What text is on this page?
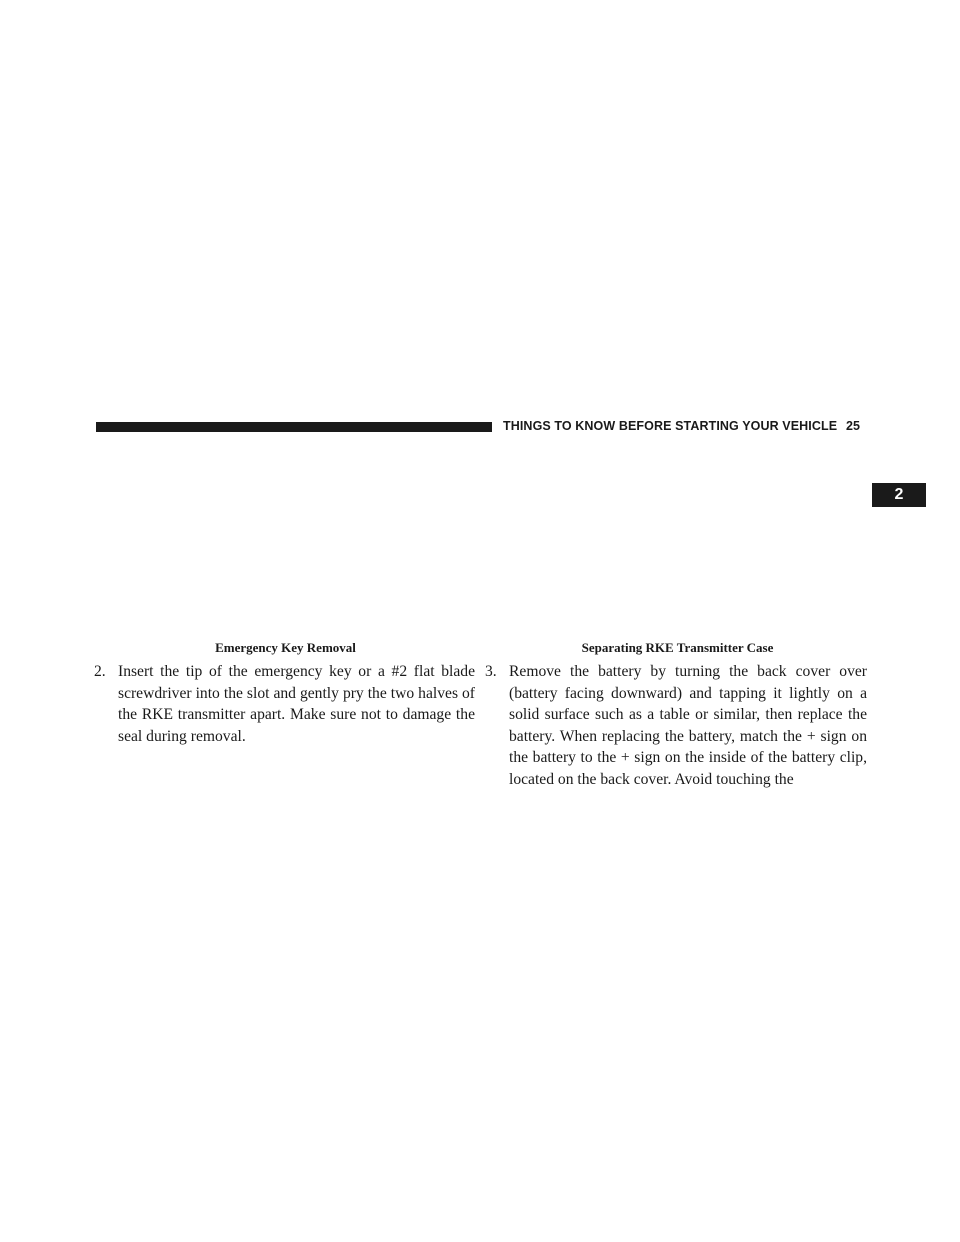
THINGS TO KNOW BEFORE STARTING YOUR VEHICLE 25
2
Emergency Key Removal	Separating RKE Transmitter Case
2. Insert the tip of the emergency key or a #2 flat blade screwdriver into the slot and gently pry the two halves of the RKE transmitter apart. Make sure not to damage the seal during removal.
3. Remove the battery by turning the back cover over (battery facing downward) and tapping it lightly on a solid surface such as a table or similar, then replace the battery. When replacing the battery, match the + sign on the battery to the + sign on the inside of the battery clip, located on the back cover. Avoid touching the
